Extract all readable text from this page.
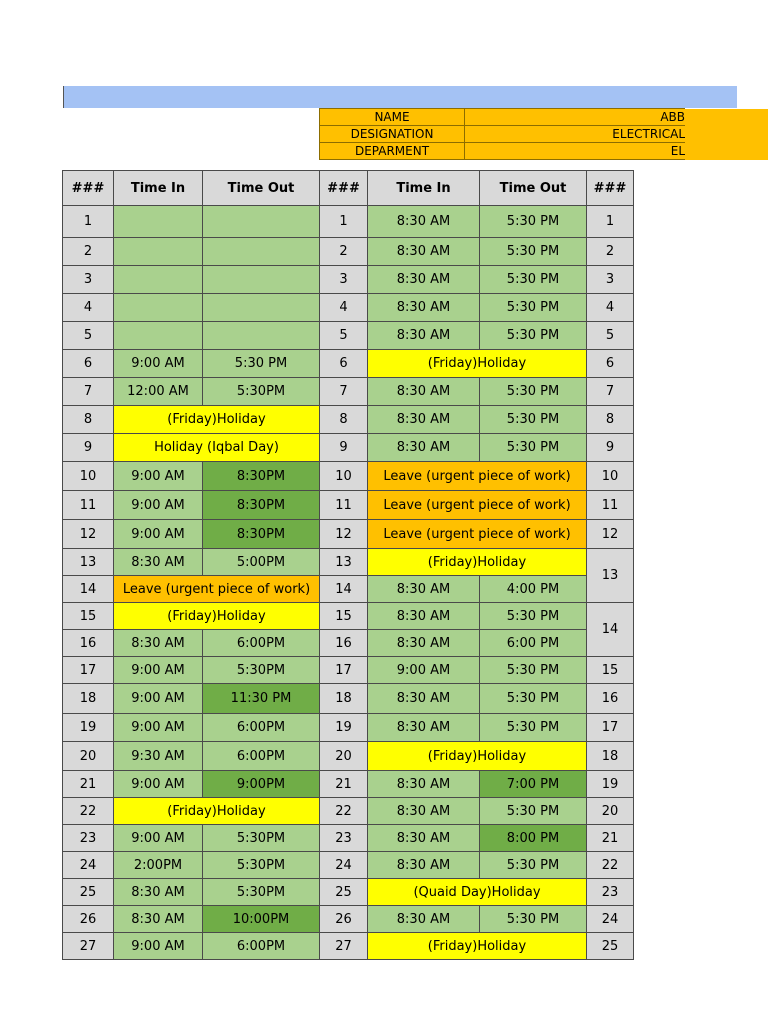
NAME	ABB	
DESIGNATION	ELECTRICAL	
DEPARMENT	EL	
###	Time In	Time Out	###	Time In	Time Out	###
1			1	8:30 AM	5:30 PM	1
2			2	8:30 AM	5:30 PM	2
3			3	8:30 AM	5:30 PM	3
4			4	8:30 AM	5:30 PM	4
5			5	8:30 AM	5:30 PM	5
6	9:00 AM	5:30 PM	6	(Friday)Holiday		6
7	12:00 AM	5:30PM	7	8:30 AM	5:30 PM	7
8	(Friday)Holiday		8	8:30 AM	5:30 PM	8
9	Holiday (Iqbal Day)		9	8:30 AM	5:30 PM	9
10	9:00 AM	8:30PM	10	Leave (urgent piece of work)		10
11	9:00 AM	8:30PM	11	Leave (urgent piece of work)		11
12	9:00 AM	8:30PM	12	Leave (urgent piece of work)		12
13	8:30 AM	5:00PM	13	(Friday)Holiday		13
14	Leave (urgent piece of work)		14	8:30 AM	4:00 PM	
15	(Friday)Holiday		15	8:30 AM	5:30 PM	14
16	8:30 AM	6:00PM	16	8:30 AM	6:00 PM	
17	9:00 AM	5:30PM	17	9:00 AM	5:30 PM	15
18	9:00 AM	11:30 PM	18	8:30 AM	5:30 PM	16
19	9:00 AM	6:00PM	19	8:30 AM	5:30 PM	17
20	9:30 AM	6:00PM	20	(Friday)Holiday		18
21	9:00 AM	9:00PM	21	8:30 AM	7:00 PM	19
22	(Friday)Holiday		22	8:30 AM	5:30 PM	20
23	9:00 AM	5:30PM	23	8:30 AM	8:00 PM	21
24	2:00PM	5:30PM	24	8:30 AM	5:30 PM	22
25	8:30 AM	5:30PM	25	(Quaid Day)Holiday		23
26	8:30 AM	10:00PM	26	8:30 AM	5:30 PM	24
27	9:00 AM	6:00PM	27	(Friday)Holiday		25
